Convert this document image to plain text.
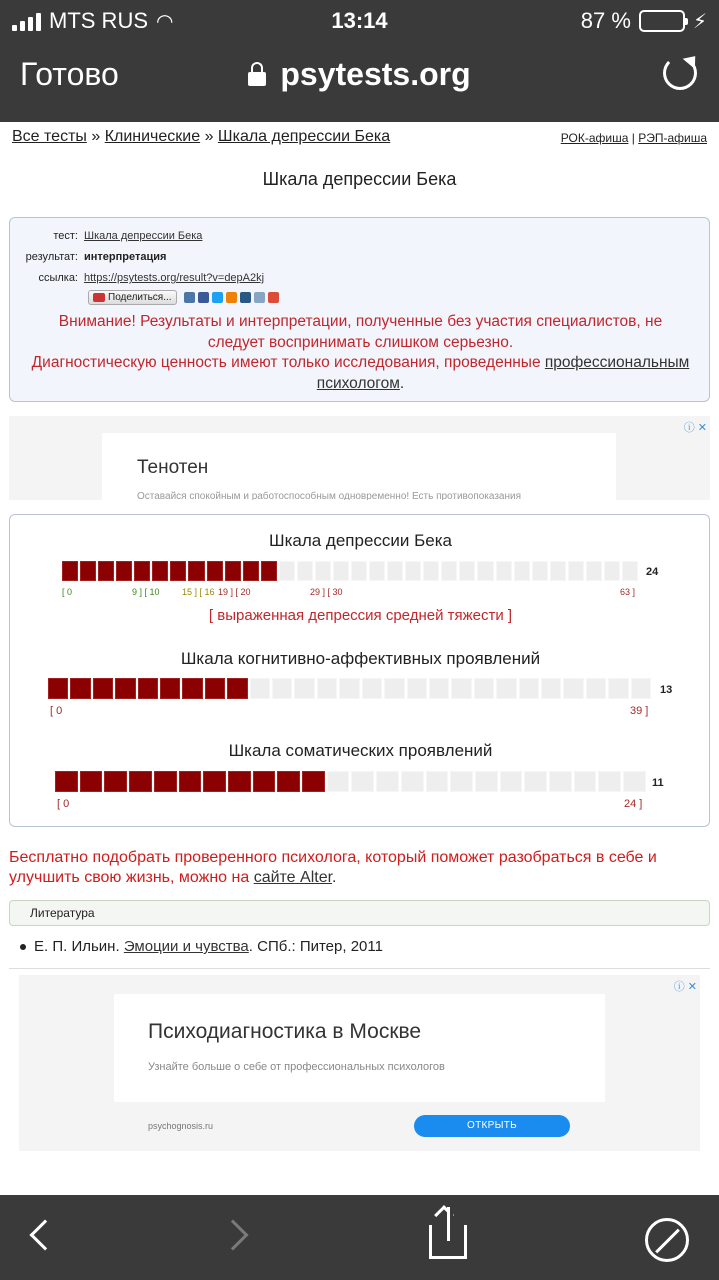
MTS RUS ◠	13:14	87 %	⚡
Готово	psytests.org
Все тесты » Клинические » Шкала депрессии Бека	РОК-афиша | РЭП-афиша
Шкала депрессии Бека
тест: Шкала депрессии Бека
результат: интерпретация
ссылка: https://psytests.org/result?v=depA2kj
Поделиться...
Внимание! Результаты и интерпретации, полученные без участия специалистов, не следует воспринимать слишком серьезно.
Диагностическую ценность имеют только исследования, проведенные профессиональным психологом.
Тенотен
Оставайся спокойным и работоспособным одновременно! Есть противопоказания
ⓘ ✕
Шкала депрессии Бека
24
[ 0	9 ] [ 10 15 ] [ 16 19 ] [ 20	29 ] [ 30	63 ]
[ выраженная депрессия средней тяжести ]
Шкала когнитивно-аффективных проявлений
13
[ 0	39 ]
Шкала соматических проявлений
11
[ 0	24 ]
Бесплатно подобрать проверенного психолога, который поможет разобраться в себе и улучшить свою жизнь, можно на сайте Alter.
Литература
Е. П. Ильин. Эмоции и чувства. СПб.: Питер, 2011
Психодиагностика в Москве
Узнайте больше о себе от профессиональных психологов
psychognosis.ru	ОТКРЫТЬ
ⓘ ✕
